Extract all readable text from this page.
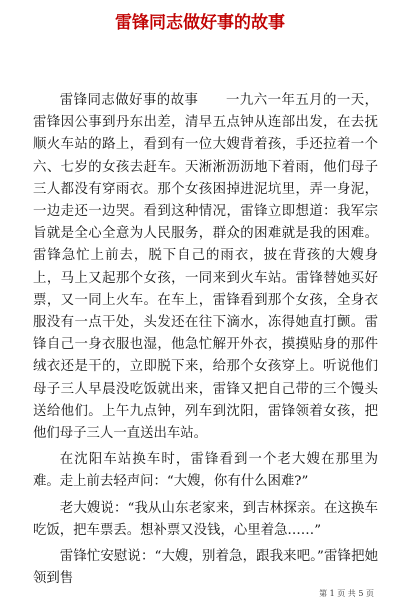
雷锋同志做好事的故事

雷锋同志做好事的故事　　一九六一年五月的一天，雷锋因公事到丹东出差，清早五点钟从连部出发，在去抚顺火车站的路上，看到有一位大嫂背着孩，手还拉着一个六、七岁的女孩去赶车。天淅淅沥沥地下着雨，他们母子三人都没有穿雨衣。那个女孩困掉进泥坑里，弄一身泥，一边走还一边哭。看到这种情况，雷锋立即想道：我军宗旨就是全心全意为人民服务，群众的困难就是我的困难。雷锋急忙上前去，脱下自己的雨衣，披在背孩的大嫂身上，马上又起那个女孩，一同来到火车站。雷锋替她买好票，又一同上火车。在车上，雷锋看到那个女孩，全身衣服没有一点干处，头发还在往下滴水，冻得她直打颤。雷锋自己一身衣服也湿，他急忙解开外衣，摸摸贴身的那件绒衣还是干的，立即脱下来，给那个女孩穿上。听说他们母子三人早晨没吃饭就出来，雷锋又把自己带的三个馒头送给他们。上午九点钟，列车到沈阳，雷锋领着女孩，把他们母子三人一直送出车站。

在沈阳车站换车时，雷锋看到一个老大嫂在那里为难。走上前去轻声问：“大嫂，你有什么困难?”

老大嫂说：“我从山东老家来，到吉林探亲。在这换车吃饭，把车票丢。想补票又没钱，心里着急……”

雷锋忙安慰说：“大嫂，别着急，跟我来吧。”雷锋把她领到售

第 1 页 共 5 页
